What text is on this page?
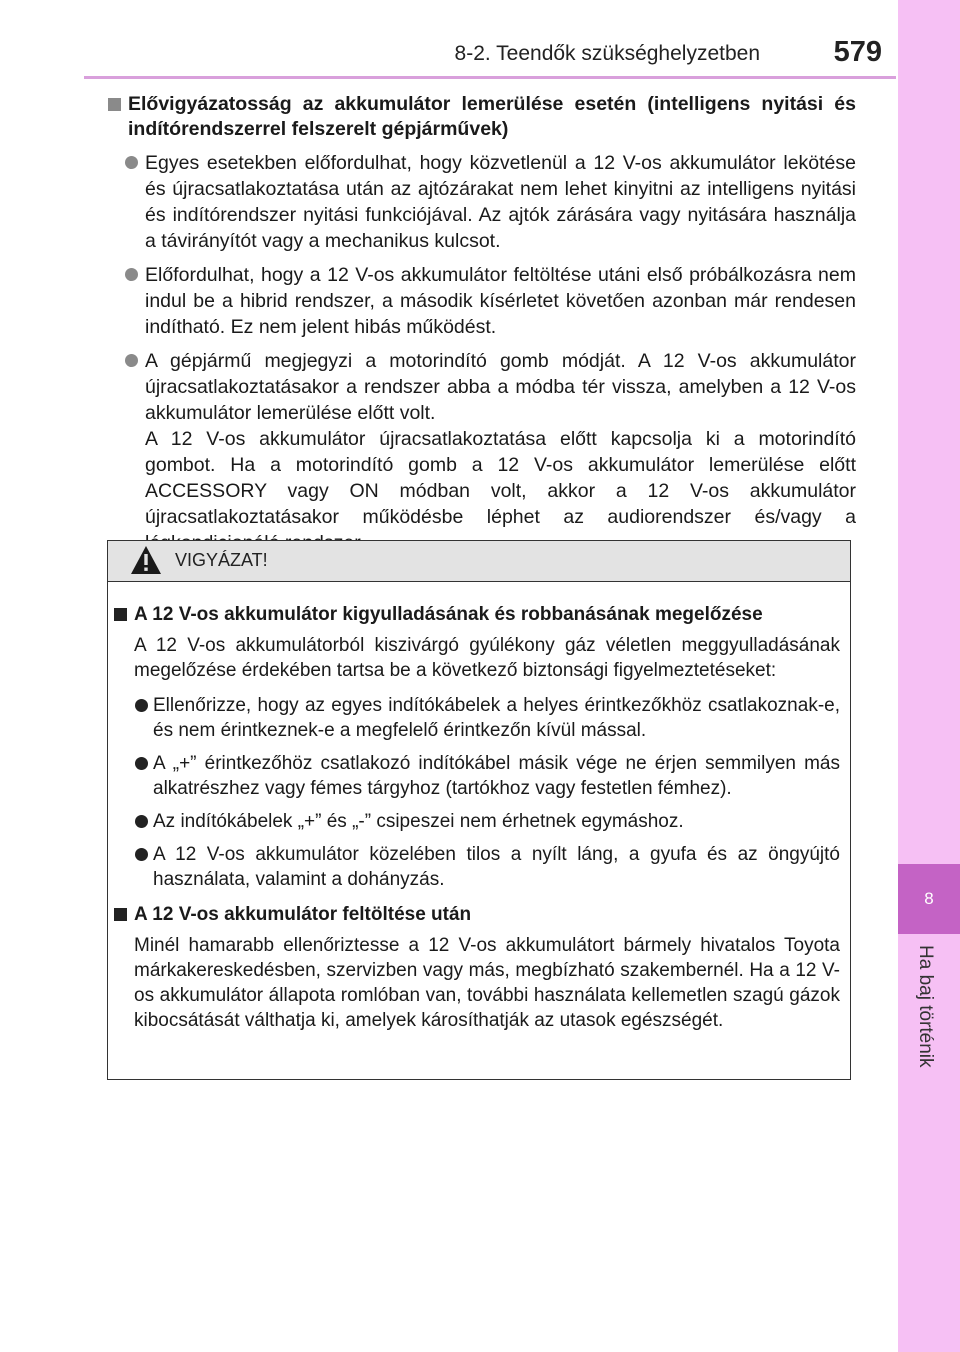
8-2. Teendők szükséghelyzetben	579
8
Ha baj történik
Elővigyázatosság az akkumulátor lemerülése esetén (intelligens nyitási és indítórendszerrel felszerelt gépjárművek)

Egyes esetekben előfordulhat, hogy közvetlenül a 12 V-os akkumulátor lekötése és újracsatlakoztatása után az ajtózárakat nem lehet kinyitni az intelligens nyitási és indítórendszer nyitási funkciójával. Az ajtók zárására vagy nyitására használja a távirányítót vagy a mechanikus kulcsot.

Előfordulhat, hogy a 12 V-os akkumulátor feltöltése utáni első próbálkozásra nem indul be a hibrid rendszer, a második kísérletet követően azonban már rendesen indítható. Ez nem jelent hibás működést.

A gépjármű megjegyzi a motorindító gomb módját. A 12 V-os akkumulátor újracsatlakoztatásakor a rendszer abba a módba tér vissza, amelyben a 12 V-os akkumulátor lemerülése előtt volt.

A 12 V-os akkumulátor újracsatlakoztatása előtt kapcsolja ki a motorindító gombot. Ha a motorindító gomb a 12 V-os akkumulátor lemerülése előtt ACCESSORY vagy ON módban volt, akkor a 12 V-os akkumulátor újracsatlakoztatásakor működésbe léphet az audiorendszer és/vagy a

VIGYÁZAT!
A 12 V-os akkumulátor kigyulladásának és robbanásának megelőzése
A 12 V-os akkumulátorból kiszivárgó gyúlékony gáz véletlen meggyulladásának megelőzése érdekében tartsa be a következő biztonsági figyelmeztetéseket:
Ellenőrizze, hogy az egyes indítókábelek a helyes érintkezőkhöz csatlakoznak-e, és nem érintkeznek-e a megfelelő érintkezőn kívül mással.
A „+” érintkezőhöz csatlakozó indítókábel másik vége ne érjen semmilyen más alkatrészhez vagy fémes tárgyhoz (tartókhoz vagy festetlen fémhez).
Az indítókábelek „+” és „-” csipeszei nem érhetnek egymáshoz.
A 12 V-os akkumulátor közelében tilos a nyílt láng, a gyufa és az öngyújtó használata, valamint a dohányzás.
A 12 V-os akkumulátor feltöltése után
Minél hamarabb ellenőriztesse a 12 V-os akkumulátort bármely hivatalos Toyota márkakereskedésben, szervizben vagy más, megbízható szakembernél. Ha a 12 V-os akkumulátor állapota romlóban van, további használata kellemetlen szagú gázok kibocsátását válthatja ki, amelyek károsíthatják az utasok egészségét.
